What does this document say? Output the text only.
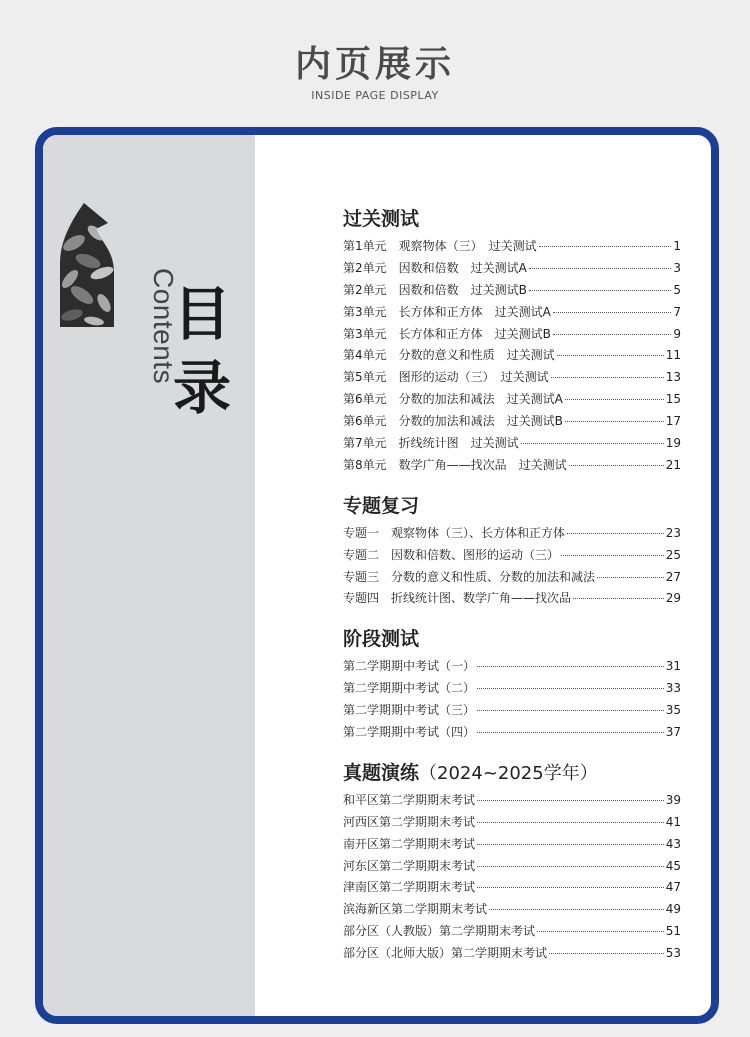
内页展示
INSIDE PAGE DISPLAY
Contents
目
录
过关测试
第1单元　观察物体（三）　过关测试	1
第2单元　因数和倍数　过关测试A	3
第2单元　因数和倍数　过关测试B	5
第3单元　长方体和正方体　过关测试A	7
第3单元　长方体和正方体　过关测试B	9
第4单元　分数的意义和性质　过关测试	11
第5单元　图形的运动（三）　过关测试	13
第6单元　分数的加法和减法　过关测试A	15
第6单元　分数的加法和减法　过关测试B	17
第7单元　折线统计图　过关测试	19
第8单元　数学广角——找次品　过关测试	21
专题复习
专题一　观察物体（三）、长方体和正方体	23
专题二　因数和倍数、图形的运动（三）	25
专题三　分数的意义和性质、分数的加法和减法	27
专题四　折线统计图、数学广角——找次品	29
阶段测试
第二学期期中考试（一）	31
第二学期期中考试（二）	33
第二学期期中考试（三）	35
第二学期期中考试（四）	37
真题演练（2024~2025学年）
和平区第二学期期末考试	39
河西区第二学期期末考试	41
南开区第二学期期末考试	43
河东区第二学期期末考试	45
津南区第二学期期末考试	47
滨海新区第二学期期末考试	49
部分区（人教版）第二学期期末考试	51
部分区（北师大版）第二学期期末考试	53
